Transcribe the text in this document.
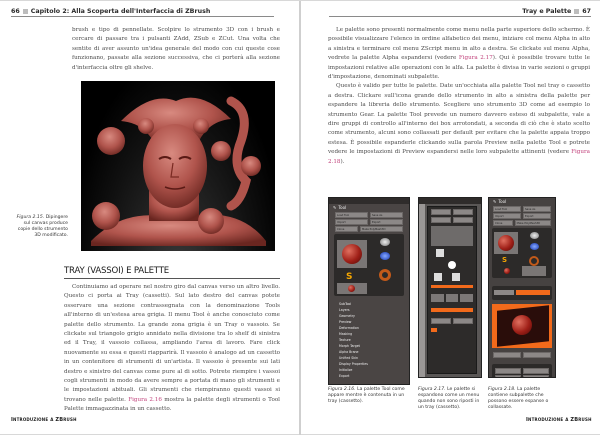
66 Capitolo 2: Alla Scoperta dell'Interfaccia di ZBrush

brush e tipo di pennellate. Scolpire lo strumento 3D con i brush e cercare di passare tra i pulsanti ZAdd, ZSub e ZCut. Una volta che sentite di aver assunto un'idea generale del modo con cui queste cose funzionano, passate alla sezione successiva, che ci porterà alla sezione d'interfaccia oltre gli shelve.

Figura 2.15. Dipingere sul canvas produce copie dello strumento 3D modificato.
TRAY (VASSOI) E PALETTE

Continuiamo ad operare nel nostro giro dal canvas verso un altro livello. Questo ci porta ai Tray (cassetti). Sul lato destro del canvas potete osservare una sezione contrassegnata con la denominazione Tools all'interno di un'estesa area grigia. Il menu Tool è anche conosciuto come palette dello strumento. La grande zona grigia è un Tray o vassoio. Se clickate sul triangolo grigio annidato nella divisione tra lo shelf di sinistra ed il Tray, il vassoio collassa, ampliando l'area di lavoro. Fare click nuovamente su essa e questi riapparirà. Il vassoio è analogo ad un cassetto in un contenitore di strumenti di un'artista. Il vassoio è presente sui lati destro e sinistro del canvas come pure al di sotto. Potrete riempire i vassoi cogli strumenti in modo da avere sempre a portata di mano gli strumenti e le impostazioni abituali. Gli strumenti che riempiranno questi vassoi si trovano nelle palette. Figura 2.16 mostra la palette degli strumenti o Tool Palette immagazzinata in un cassetto.

Introduzione a ZBrush
Tray e Palette 67

Le palette sono presenti normalmente come menu nella parte superiore dello schermo. È possibile visualizzare l'elenco in ordine alfabetico dei menu, iniziare col menu Alpha in alto a sinistra e terminare col menu ZScript menu in alto a destra. Se clickate sul menu Alpha, vedrete la palette Alpha espandersi (vedere Figura 2.17). Qui è possibile trovare tutte le impostazioni relative alle operazioni con le alfa. La palette è divisa in varie sezioni o gruppi d'impostazione, denominati subpalette.

Questo è valido per tutte le palette. Date un'occhiata alla palette Tool nel tray o cassetto a destra. Clickare sull'icona grande dello strumento in alto a sinistra della palette per espandere la libreria dello strumento. Scegliere uno strumento 3D come ad esempio lo strumento Gear. La palette Tool prevede un numero davvero esteso di subpalette, vale a dire gruppi di controllo all'interno dei box arrotondati, a seconda di ciò che è stato scelto come strumento, alcuni sono collassati per default per evitare che la palette appaia troppo estesa. È possibile espanderle clickando sulla parola Preview nella palette Tool e potrete vedere le impostazioni di Preview espandersi nelle loro subpalette attinenti (vedere Figura 2.18).

Introduzione a ZBrush
✎ Tool
Load Tool	Save As
Import	Export
Clone	Make PolyMesh3D
S
SubTool
Layers
Geometry
Preview
Deformation
Masking
Texture
Morph Target
Alpha Brane
Unified Skin
Display Properties
Initialize
Export
Figura 2.16. La palette Tool come appare mentre è contenuta in un tray (cassetto).
Figura 2.17. Le palette si espandono come un menu quando non sono riposti in un tray (cassetto).
✎ Tool
Load Tool	Save As
Import	Export
Clone	Make PolyMesh3D
S
Figura 2.18. La palette contiene subpalette che possono essere espanse o collassate.
